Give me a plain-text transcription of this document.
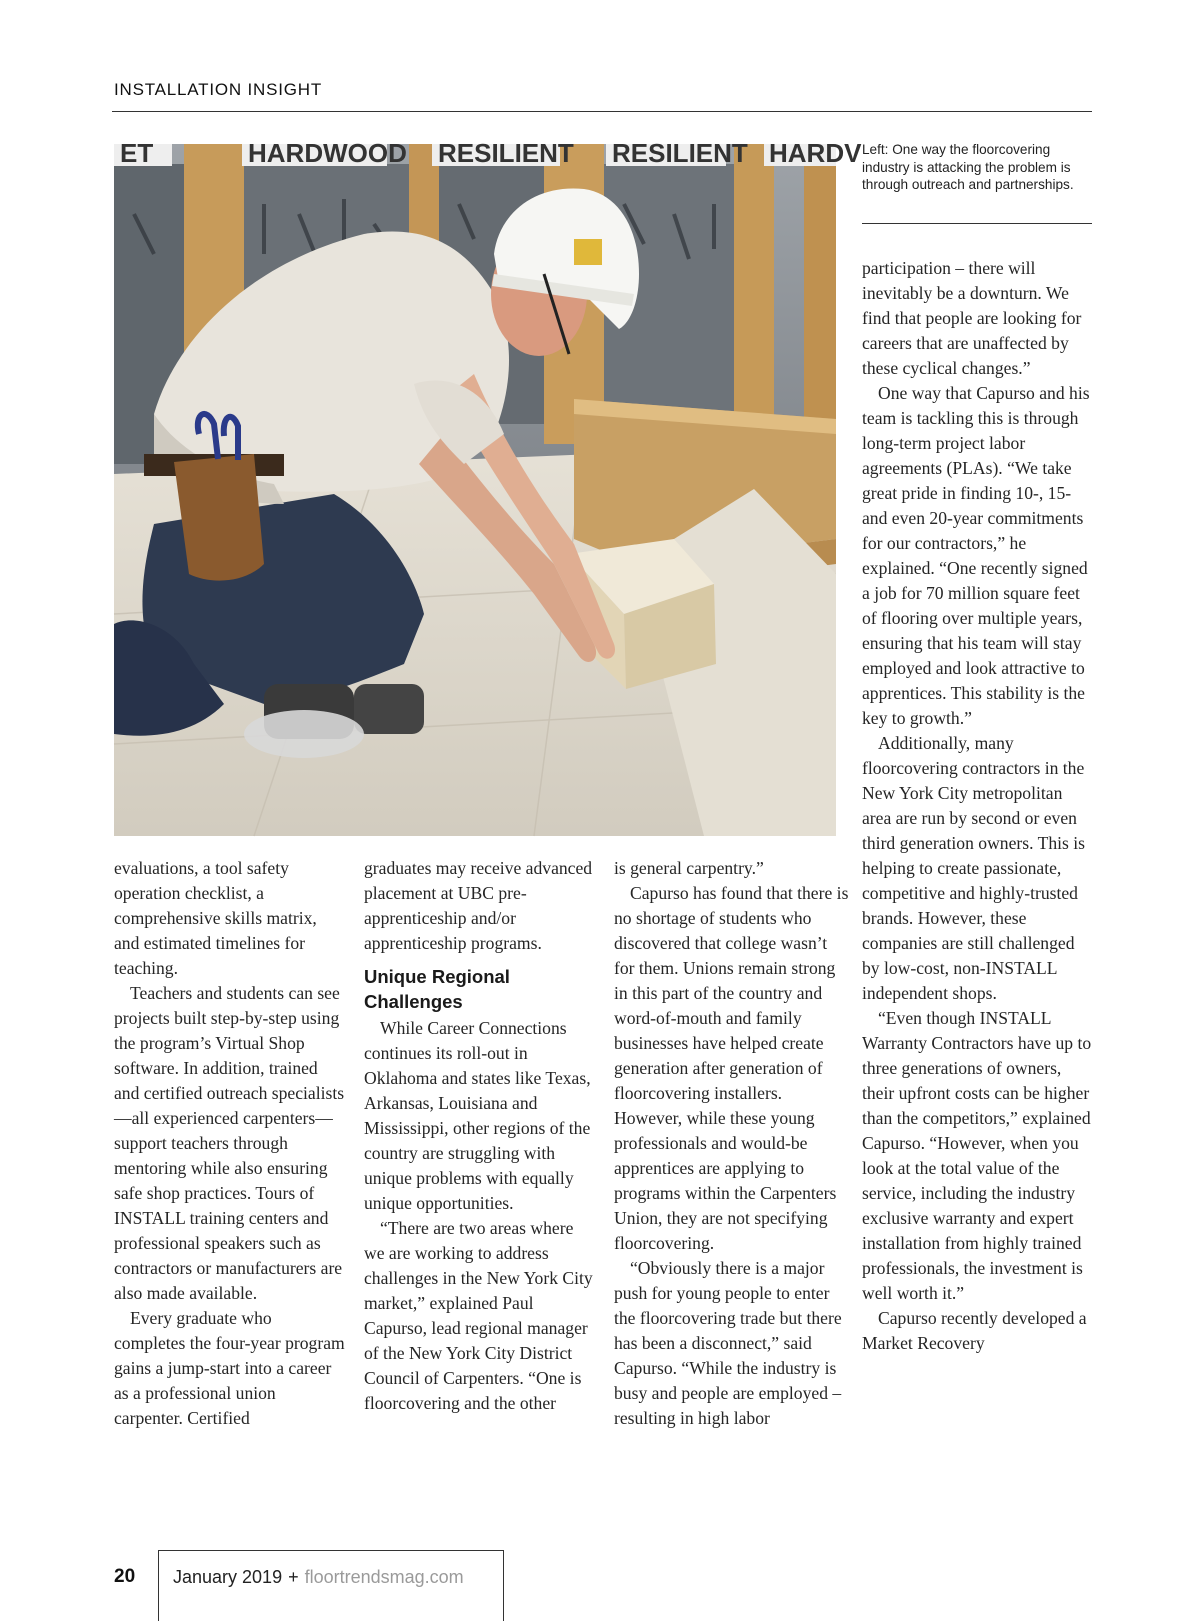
INSTALLATION INSIGHT
ET	HARDWOOD RESILIENT RESILIENT HARDV Left: One way the floorcovering industry is attacking the problem is through outreach and partnerships.

evaluations, a tool safety operation checklist, a comprehensive skills matrix, and estimated timelines for teaching.

Teachers and students can see projects built step-by-step using the program’s Virtual Shop software. In addition, trained and certified outreach specialists—all experienced carpenters—support teachers through mentoring while also ensuring safe shop practices. Tours of INSTALL training centers and professional speakers such as contractors or manufacturers are also made available.

Every graduate who completes the four-year program gains a jump-start into a career as a professional union carpenter. Certified

graduates may receive advanced placement at UBC pre-apprenticeship and/or apprenticeship programs.

Unique Regional Challenges

While Career Connections continues its roll-out in Oklahoma and states like Texas, Arkansas, Louisiana and Mississippi, other regions of the country are struggling with unique problems with equally unique opportunities.

“There are two areas where we are working to address challenges in the New York City market,” explained Paul Capurso, lead regional manager of the New York City District Council of Carpenters. “One is floorcovering and the other

is general carpentry.”

Capurso has found that there is no shortage of students who discovered that college wasn’t for them. Unions remain strong in this part of the country and word-of-mouth and family businesses have helped create generation after generation of floorcovering installers. However, while these young professionals and would-be apprentices are applying to programs within the Carpenters Union, they are not specifying floorcovering.

“Obviously there is a major push for young people to enter the floorcovering trade but there has been a disconnect,” said Capurso. “While the industry is busy and people are employed – resulting in high labor

participation – there will inevitably be a downturn. We find that people are looking for careers that are unaffected by these cyclical changes.”

One way that Capurso and his team is tackling this is through long-term project labor agreements (PLAs). “We take great pride in finding 10-, 15- and even 20-year commitments for our contractors,” he explained. “One recently signed a job for 70 million square feet of flooring over multiple years, ensuring that his team will stay employed and look attractive to apprentices. This stability is the key to growth.”

Additionally, many floorcovering contractors in the New York City metropolitan area are run by second or even third generation owners. This is helping to create passionate, competitive and highly-trusted brands. However, these companies are still challenged by low-cost, non-INSTALL independent shops.

“Even though INSTALL Warranty Contractors have up to three generations of owners, their upfront costs can be higher than the competitors,” explained Capurso. “However, when you look at the total value of the service, including the industry exclusive warranty and expert installation from highly trained professionals, the investment is well worth it.”

Capurso recently developed a Market Recovery

20 January 2019 + floortrendsmag.com
